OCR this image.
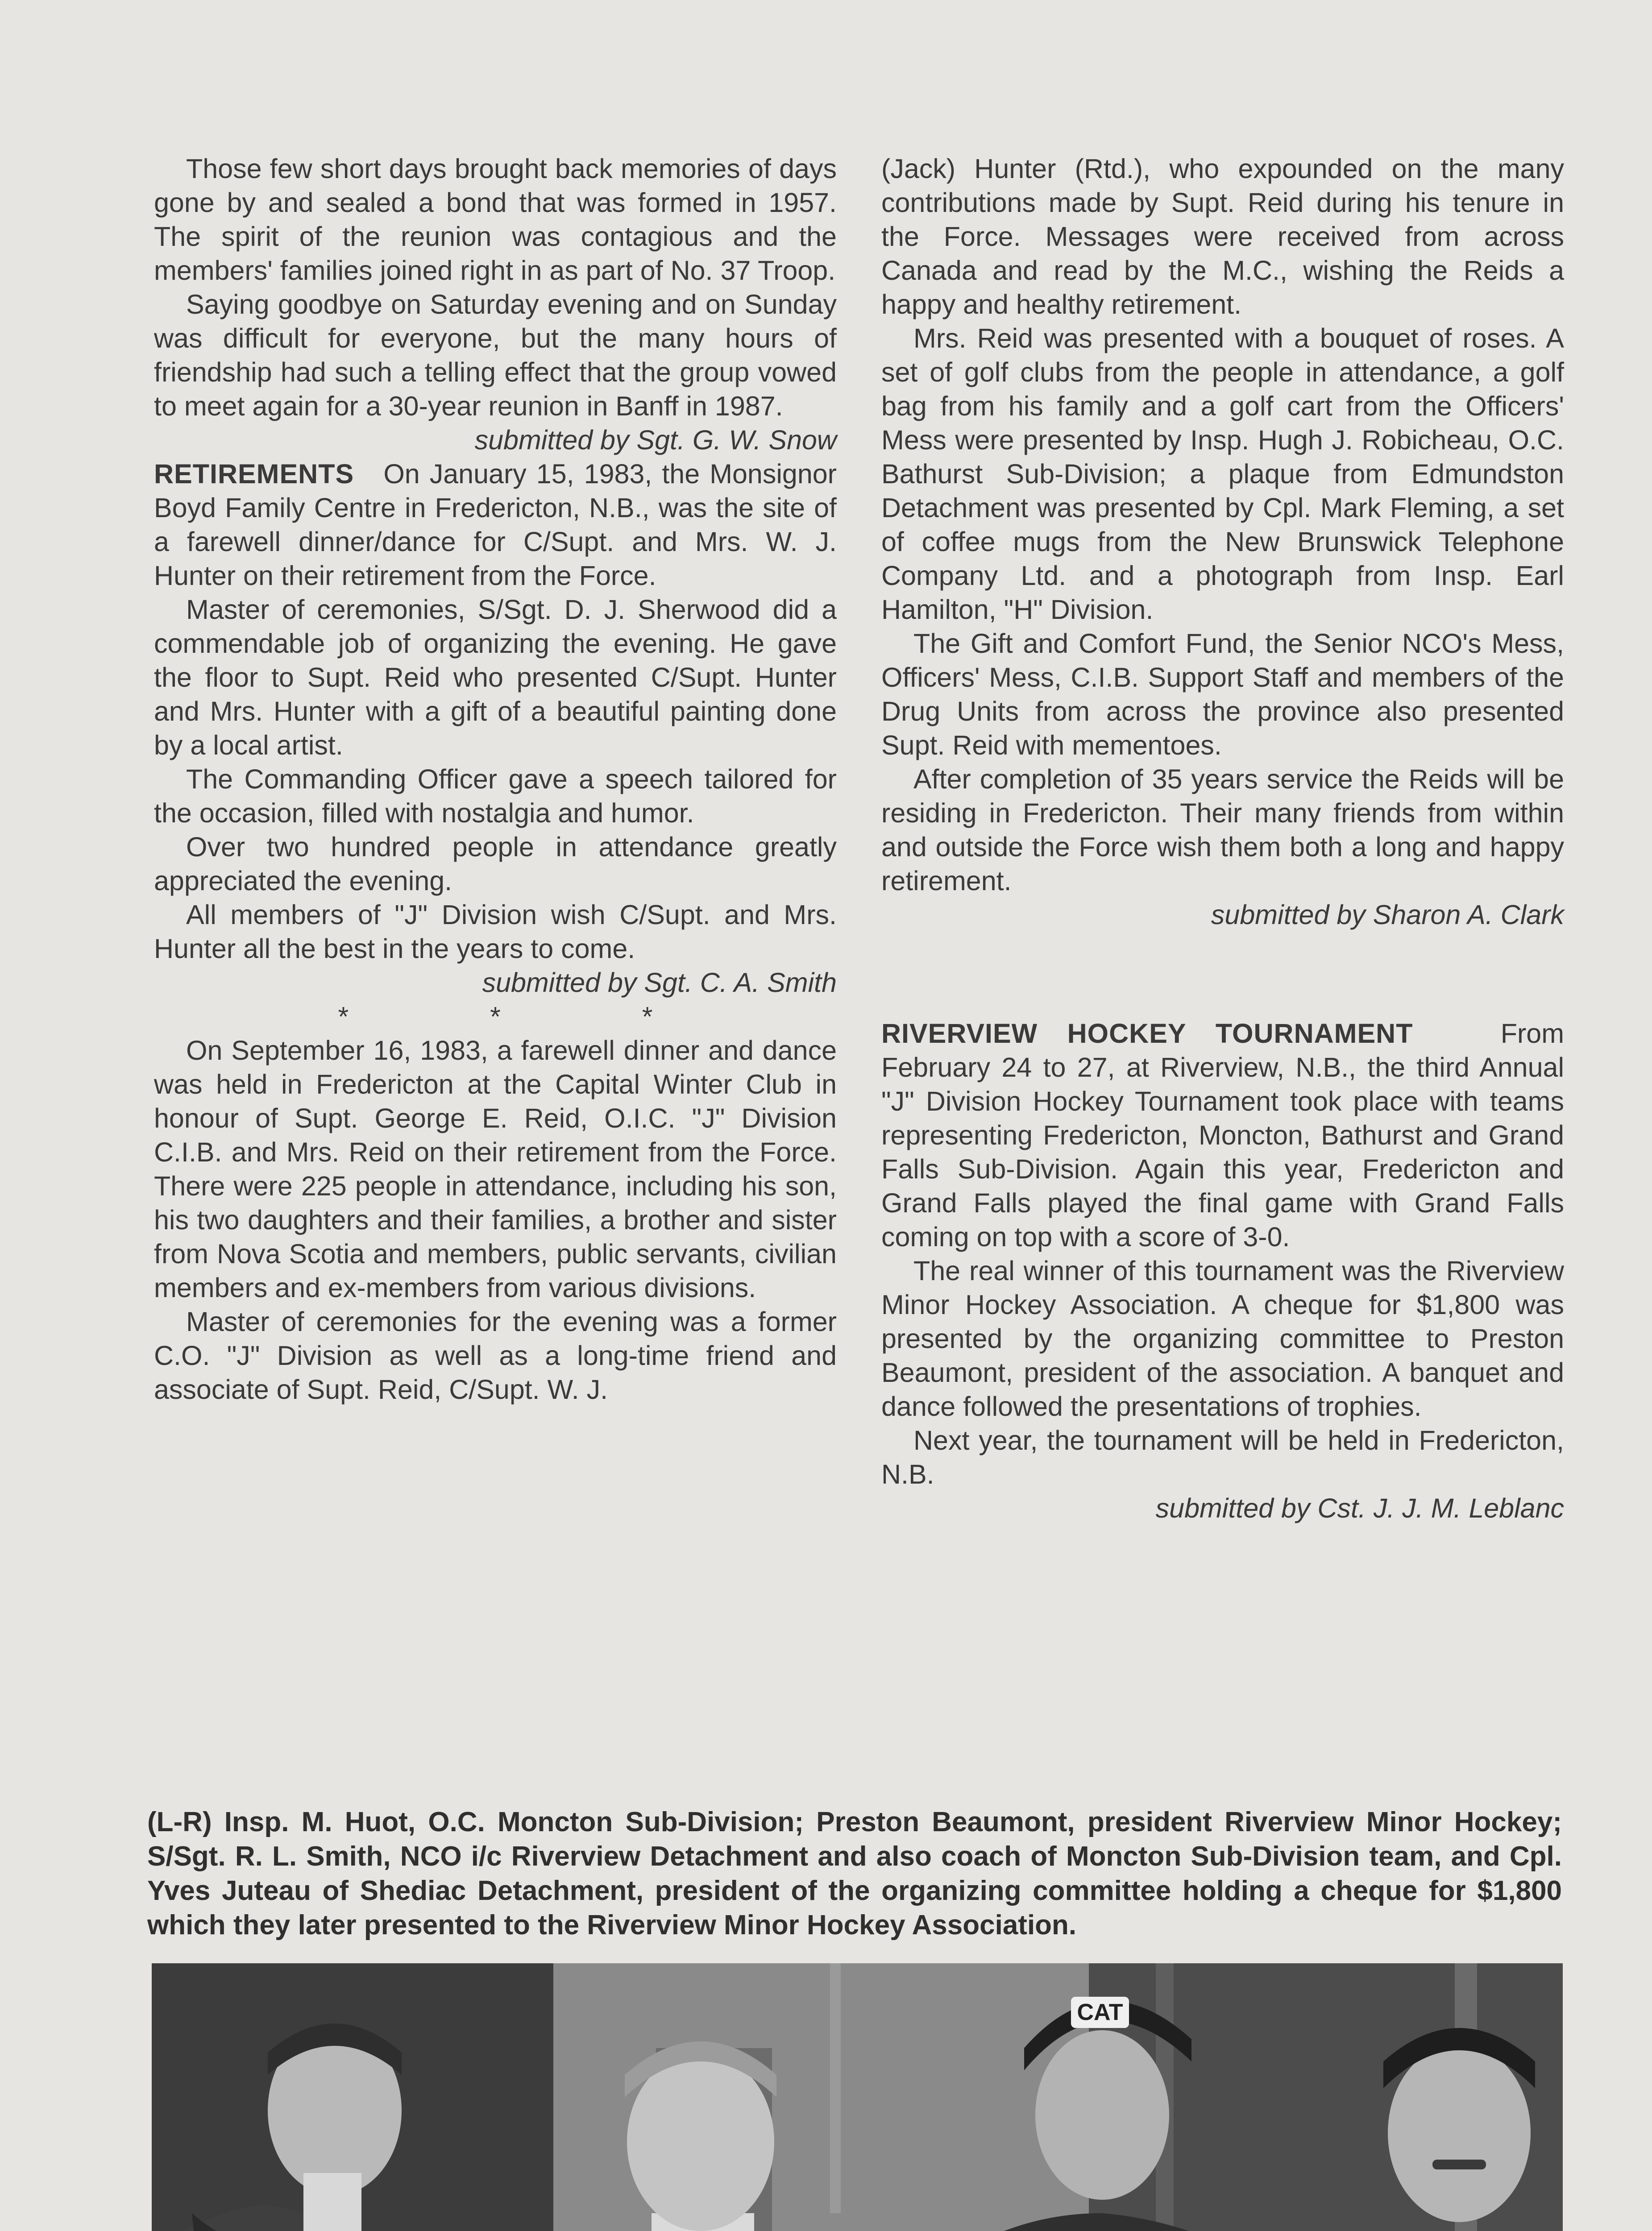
Those few short days brought back memories of days gone by and sealed a bond that was formed in 1957. The spirit of the reunion was contagious and the members' families joined right in as part of No. 37 Troop.

Saying goodbye on Saturday evening and on Sunday was difficult for everyone, but the many hours of friendship had such a telling effect that the group vowed to meet again for a 30-year reunion in Banff in 1987.

submitted by Sgt. G. W. Snow

RETIREMENTS On January 15, 1983, the Monsignor Boyd Family Centre in Fredericton, N.B., was the site of a farewell dinner/dance for C/Supt. and Mrs. W. J. Hunter on their retirement from the Force.

Master of ceremonies, S/Sgt. D. J. Sherwood did a commendable job of organizing the evening. He gave the floor to Supt. Reid who presented C/Supt. Hunter and Mrs. Hunter with a gift of a beautiful painting done by a local artist.

The Commanding Officer gave a speech tailored for the occasion, filled with nostalgia and humor.

Over two hundred people in attendance greatly appreciated the evening.

All members of "J" Division wish C/Supt. and Mrs. Hunter all the best in the years to come.

submitted by Sgt. C. A. Smith

* * *

On September 16, 1983, a farewell dinner and dance was held in Fredericton at the Capital Winter Club in honour of Supt. George E. Reid, O.I.C. "J" Division C.I.B. and Mrs. Reid on their retirement from the Force. There were 225 people in attendance, including his son, his two daughters and their families, a brother and sister from Nova Scotia and members, public servants, civilian members and ex-members from various divisions.

Master of ceremonies for the evening was a former C.O. "J" Division as well as a long-time friend and associate of Supt. Reid, C/Supt. W. J.

(Jack) Hunter (Rtd.), who expounded on the many contributions made by Supt. Reid during his tenure in the Force. Messages were received from across Canada and read by the M.C., wishing the Reids a happy and healthy retirement.

Mrs. Reid was presented with a bouquet of roses. A set of golf clubs from the people in attendance, a golf bag from his family and a golf cart from the Officers' Mess were presented by Insp. Hugh J. Robicheau, O.C. Bathurst Sub-Division; a plaque from Edmundston Detachment was presented by Cpl. Mark Fleming, a set of coffee mugs from the New Brunswick Telephone Company Ltd. and a photograph from Insp. Earl Hamilton, "H" Division.

The Gift and Comfort Fund, the Senior NCO's Mess, Officers' Mess, C.I.B. Support Staff and members of the Drug Units from across the province also presented Supt. Reid with mementoes.

After completion of 35 years service the Reids will be residing in Fredericton. Their many friends from within and outside the Force wish them both a long and happy retirement.

submitted by Sharon A. Clark

RIVERVIEW HOCKEY TOURNAMENT	From February 24 to 27, at Riverview, N.B., the third Annual "J" Division Hockey Tournament took place with teams representing Fredericton, Moncton, Bathurst and Grand Falls Sub-Division. Again this year, Fredericton and Grand Falls played the final game with Grand Falls coming on top with a score of 3-0.

The real winner of this tournament was the Riverview Minor Hockey Association. A cheque for $1,800 was presented by the organizing committee to Preston Beaumont, president of the association. A banquet and dance followed the presentations of trophies.

Next year, the tournament will be held in Fredericton, N.B.

submitted by Cst. J. J. M. Leblanc

(L-R) Insp. M. Huot, O.C. Moncton Sub-Division; Preston Beaumont, president Riverview Minor Hockey; S/Sgt. R. L. Smith, NCO i/c Riverview Detachment and also coach of Moncton Sub-Division team, and Cpl. Yves Juteau of Shediac Detachment, president of the organizing committee holding a cheque for $1,800 which they later presented to the Riverview Minor Hockey Association.
CAT
